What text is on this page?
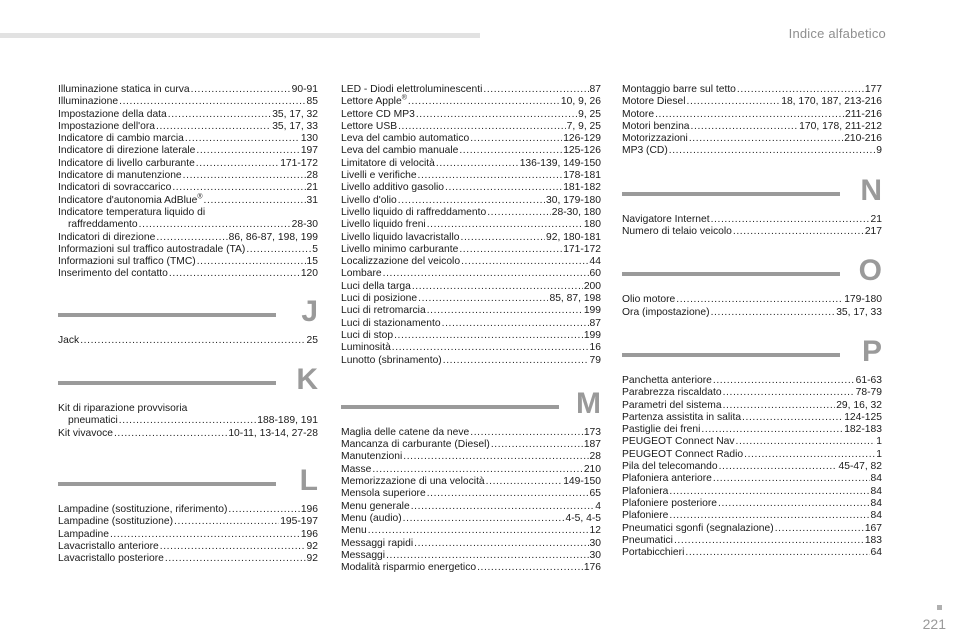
Indice alfabetico
Illuminazione statica in curva .....	90-91
Illuminazione .....	85
Impostazione della data .....	35, 17, 32
Impostazione dell'ora .....	35, 17, 33
Indicatore di cambio marcia .....	130
Indicatore di direzione laterale .....	197
Indicatore di livello carburante .....	171-172
Indicatore di manutenzione .....	28
Indicatori di sovraccarico .....	21
Indicatore d'autonomia AdBlue® .....	31
Indicatore temperatura liquido di
raffreddamento .....	28-30
Indicatori di direzione .....	86, 86-87, 198, 199
Informazioni sul traffico autostradale (TA) .....	5
Informazioni sul traffico (TMC) .....	15
Inserimento del contatto .....	120
J
Jack .....	25
K
Kit di riparazione provvisoria
pneumatici .....	188-189, 191
Kit vivavoce .....	10-11, 13-14, 27-28
L
Lampadine (sostituzione, riferimento) .....	196
Lampadine (sostituzione) .....	195-197
Lampadine .....	196
Lavacristallo anteriore .....	92
Lavacristallo posteriore .....	92
LED - Diodi elettroluminescenti .....	87
Lettore Apple® .....	10, 9, 26
Lettore CD MP3 .....	9, 25
Lettore USB .....	7, 9, 25
Leva del cambio automatico .....	126-129
Leva del cambio manuale .....	125-126
Limitatore di velocità .....	136-139, 149-150
Livelli e verifiche .....	178-181
Livello additivo gasolio .....	181-182
Livello d'olio .....	30, 179-180
Livello liquido di raffreddamento .....	28-30, 180
Livello liquido freni .....	180
Livello liquido lavacristallo .....	92, 180-181
Livello minimo carburante .....	171-172
Localizzazione del veicolo .....	44
Lombare .....	60
Luci della targa .....	200
Luci di posizione .....	85, 87, 198
Luci di retromarcia .....	199
Luci di stazionamento .....	87
Luci di stop .....	199
Luminosità .....	16
Lunotto (sbrinamento) .....	79
M
Maglia delle catene da neve .....	173
Mancanza di carburante (Diesel) .....	187
Manutenzioni .....	28
Masse .....	210
Memorizzazione di una velocità .....	149-150
Mensola superiore .....	65
Menu generale .....	4
Menu (audio) .....	4-5, 4-5
Menu .....	12
Messaggi rapidi .....	30
Messaggi .....	30
Modalità risparmio energetico .....	176
Montaggio barre sul tetto .....	177
Motore Diesel .....	18, 170, 187, 213-216
Motore .....	211-216
Motori benzina .....	170, 178, 211-212
Motorizzazioni .....	210-216
MP3 (CD) .....	9
N
Navigatore Internet .....	21
Numero di telaio veicolo .....	217
O
Olio motore .....	179-180
Ora (impostazione) .....	35, 17, 33
P
Panchetta anteriore .....	61-63
Parabrezza riscaldato .....	78-79
Parametri del sistema .....	29, 16, 32
Partenza assistita in salita .....	124-125
Pastiglie dei freni .....	182-183
PEUGEOT Connect Nav .....	1
PEUGEOT Connect Radio .....	1
Pila del telecomando .....	45-47, 82
Plafoniera anteriore .....	84
Plafoniera .....	84
Plafoniere posteriore .....	84
Plafoniere .....	84
Pneumatici sgonfi (segnalazione) .....	167
Pneumatici .....	183
Portabicchieri .....	64
221
